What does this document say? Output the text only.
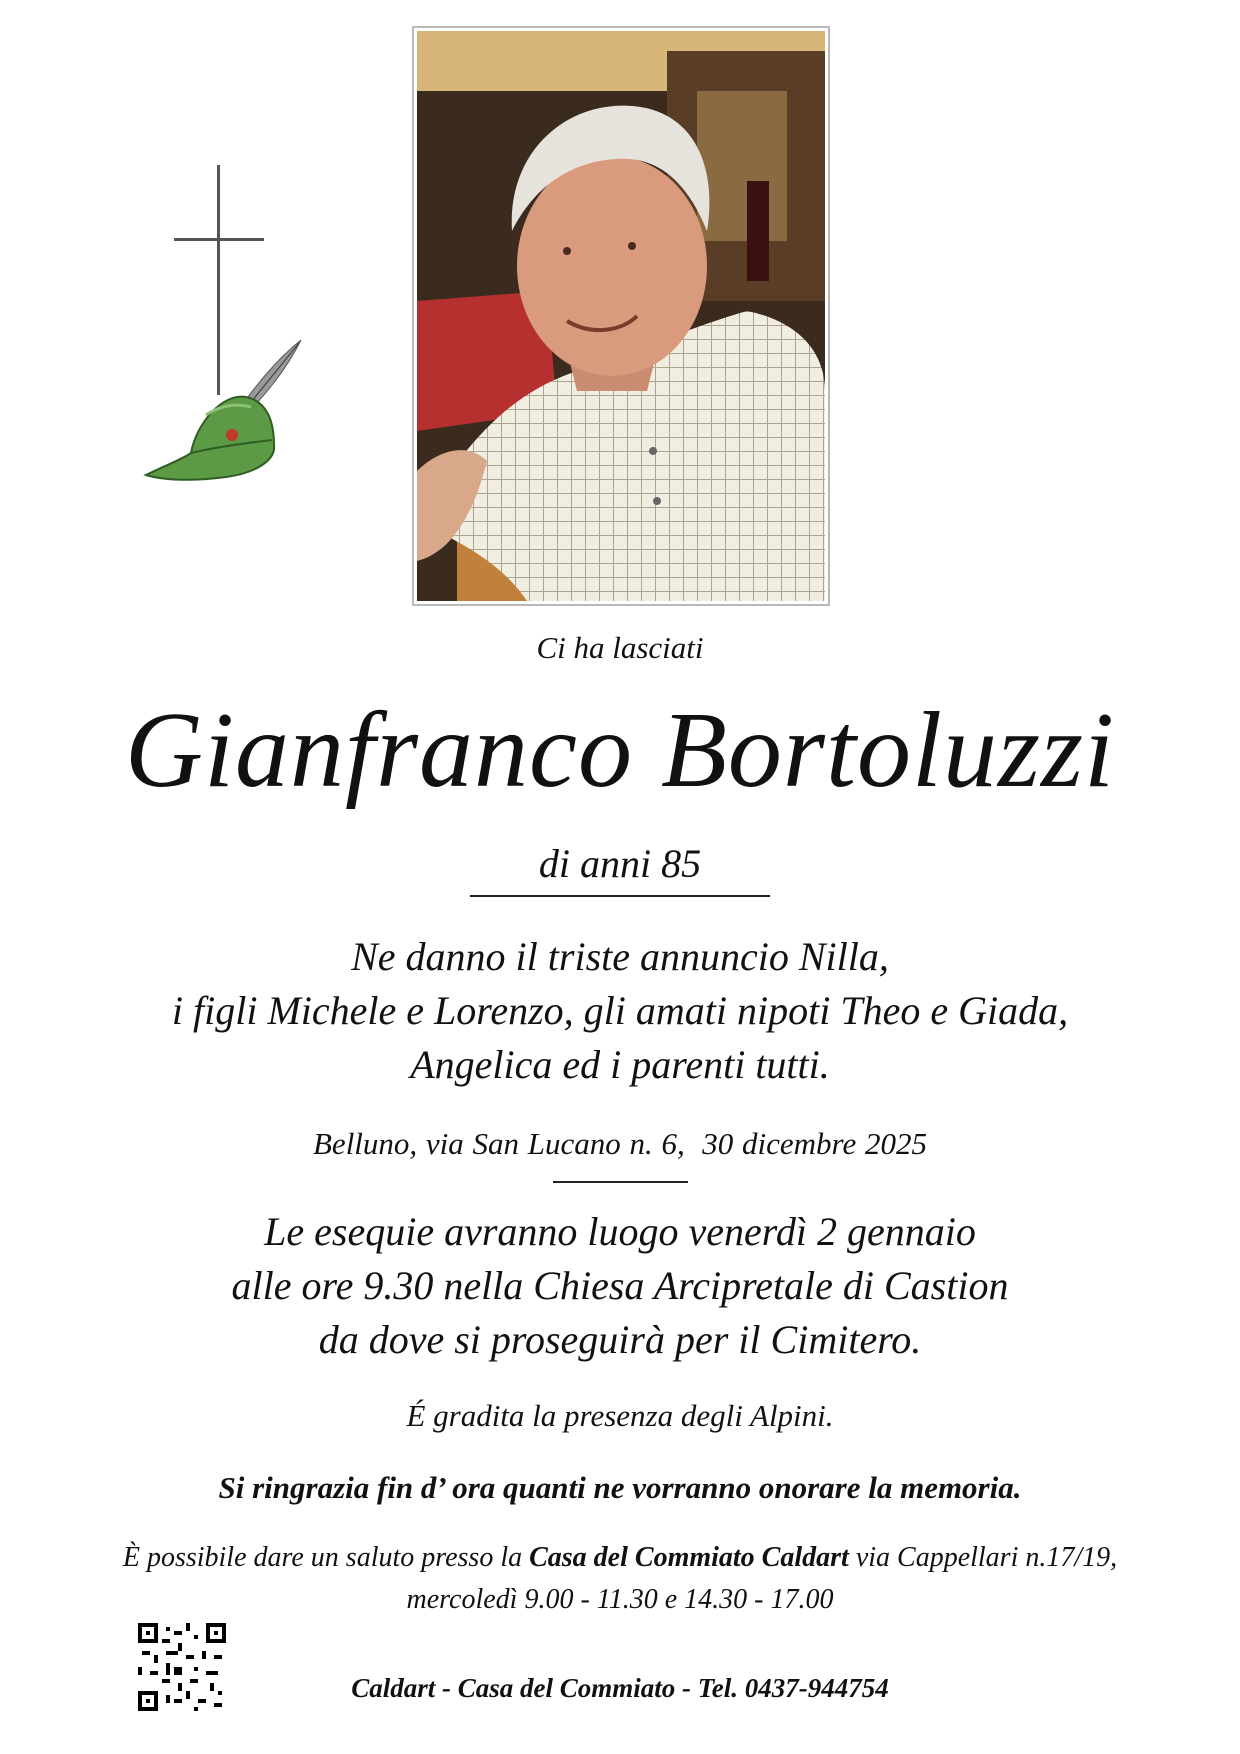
Ci ha lasciati
Gianfranco Bortoluzzi
di anni 85
Ne danno il triste annuncio Nilla,
i figli Michele e Lorenzo, gli amati nipoti Theo e Giada,
Angelica ed i parenti tutti.
Belluno, via San Lucano n. 6,  30 dicembre 2025
Le esequie avranno luogo venerdì 2 gennaio
alle ore 9.30 nella Chiesa Arcipretale di Castion
da dove si proseguirà per il Cimitero.
É gradita la presenza degli Alpini.
Si ringrazia fin d’ ora quanti ne vorranno onorare la memoria.
È possibile dare un saluto presso la Casa del Commiato Caldart via Cappellari n.17/19,
mercoledì 9.00 - 11.30 e 14.30 - 17.00
Caldart - Casa del Commiato - Tel. 0437-944754
